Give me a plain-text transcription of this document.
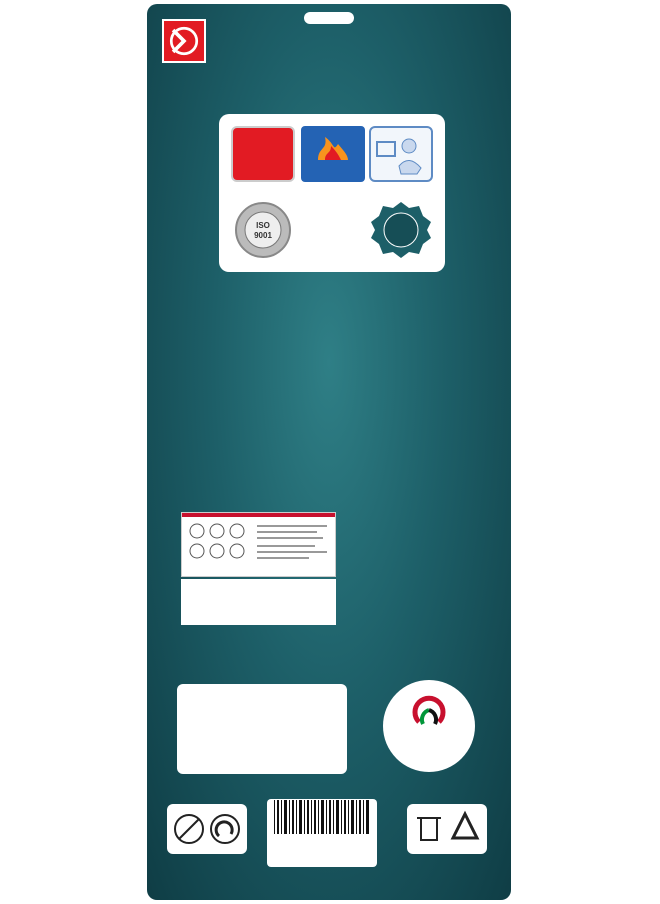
ISO
9001
